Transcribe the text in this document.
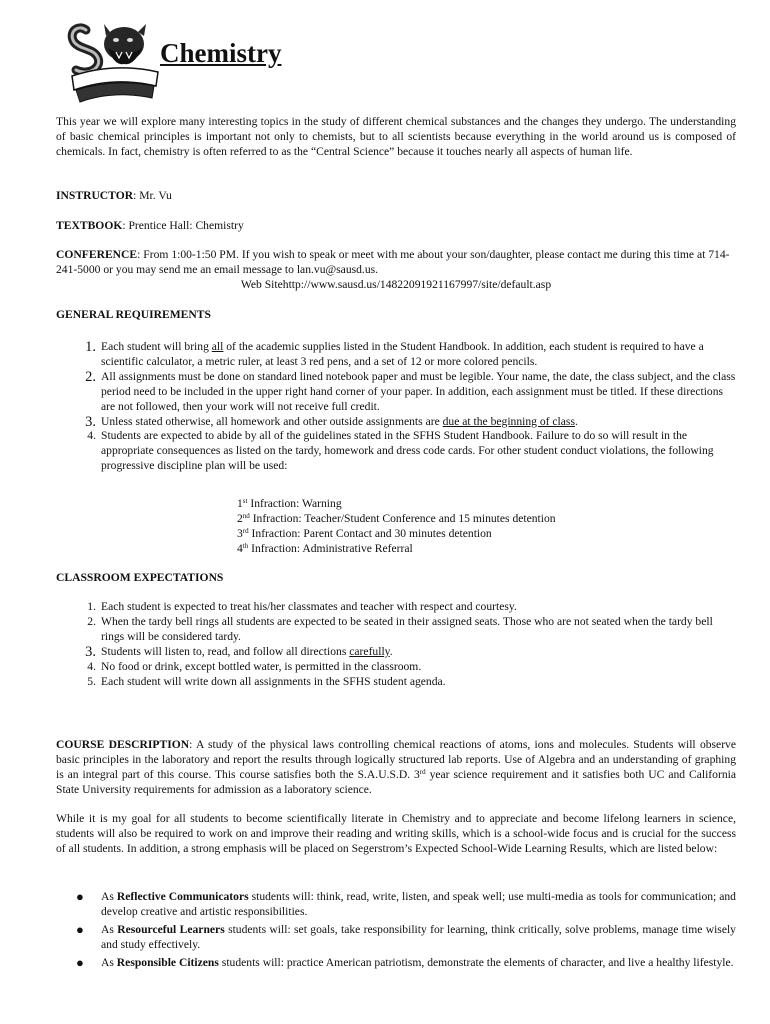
Chemistry

This year we will explore many interesting topics in the study of different chemical substances and the changes they undergo. The understanding of basic chemical principles is important not only to chemists, but to all scientists because everything in the world around us is composed of chemicals. In fact, chemistry is often referred to as the “Central Science” because it touches nearly all aspects of human life.

INSTRUCTOR: Mr. Vu

TEXTBOOK: Prentice Hall: Chemistry

CONFERENCE: From 1:00-1:50 PM. If you wish to speak or meet with me about your son/daughter, please contact me during this time at 714-241-5000 or you may send me an email message to lan.vu@sausd.us.

Web Sitehttp://www.sausd.us/14822091921167997/site/default.asp

GENERAL REQUIREMENTS

1. Each student will bring all of the academic supplies listed in the Student Handbook. In addition, each student is required to have a scientific calculator, a metric ruler, at least 3 red pens, and a set of 12 or more colored pencils.
2. All assignments must be done on standard lined notebook paper and must be legible. Your name, the date, the class subject, and the class period need to be included in the upper right hand corner of your paper. In addition, each assignment must be titled. If these directions are not followed, then your work will not receive full credit.
3. Unless stated otherwise, all homework and other outside assignments are due at the beginning of class.
4. Students are expected to abide by all of the guidelines stated in the SFHS Student Handbook. Failure to do so will result in the appropriate consequences as listed on the tardy, homework and dress code cards. For other student conduct violations, the following progressive discipline plan will be used:
1st Infraction: Warning
2nd Infraction: Teacher/Student Conference and 15 minutes detention
3rd Infraction: Parent Contact and 30 minutes detention
4th Infraction: Administrative Referral

CLASSROOM EXPECTATIONS

1. Each student is expected to treat his/her classmates and teacher with respect and courtesy.
2. When the tardy bell rings all students are expected to be seated in their assigned seats. Those who are not seated when the tardy bell rings will be considered tardy.
3. Students will listen to, read, and follow all directions carefully.
4. No food or drink, except bottled water, is permitted in the classroom.
5. Each student will write down all assignments in the SFHS student agenda.

COURSE DESCRIPTION: A study of the physical laws controlling chemical reactions of atoms, ions and molecules. Students will observe basic principles in the laboratory and report the results through logically structured lab reports. Use of Algebra and an understanding of graphing is an integral part of this course. This course satisfies both the S.A.U.S.D. 3rd year science requirement and it satisfies both UC and California State University requirements for admission as a laboratory science.

While it is my goal for all students to become scientifically literate in Chemistry and to appreciate and become lifelong learners in science, students will also be required to work on and improve their reading and writing skills, which is a school-wide focus and is crucial for the success of all students. In addition, a strong emphasis will be placed on Segerstrom’s Expected School-Wide Learning Results, which are listed below:

● As Reflective Communicators students will: think, read, write, listen, and speak well; use multi-media as tools for communication; and develop creative and artistic responsibilities.
● As Resourceful Learners students will: set goals, take responsibility for learning, think critically, solve problems, manage time wisely and study effectively.
● As Responsible Citizens students will: practice American patriotism, demonstrate the elements of character, and live a healthy lifestyle.
